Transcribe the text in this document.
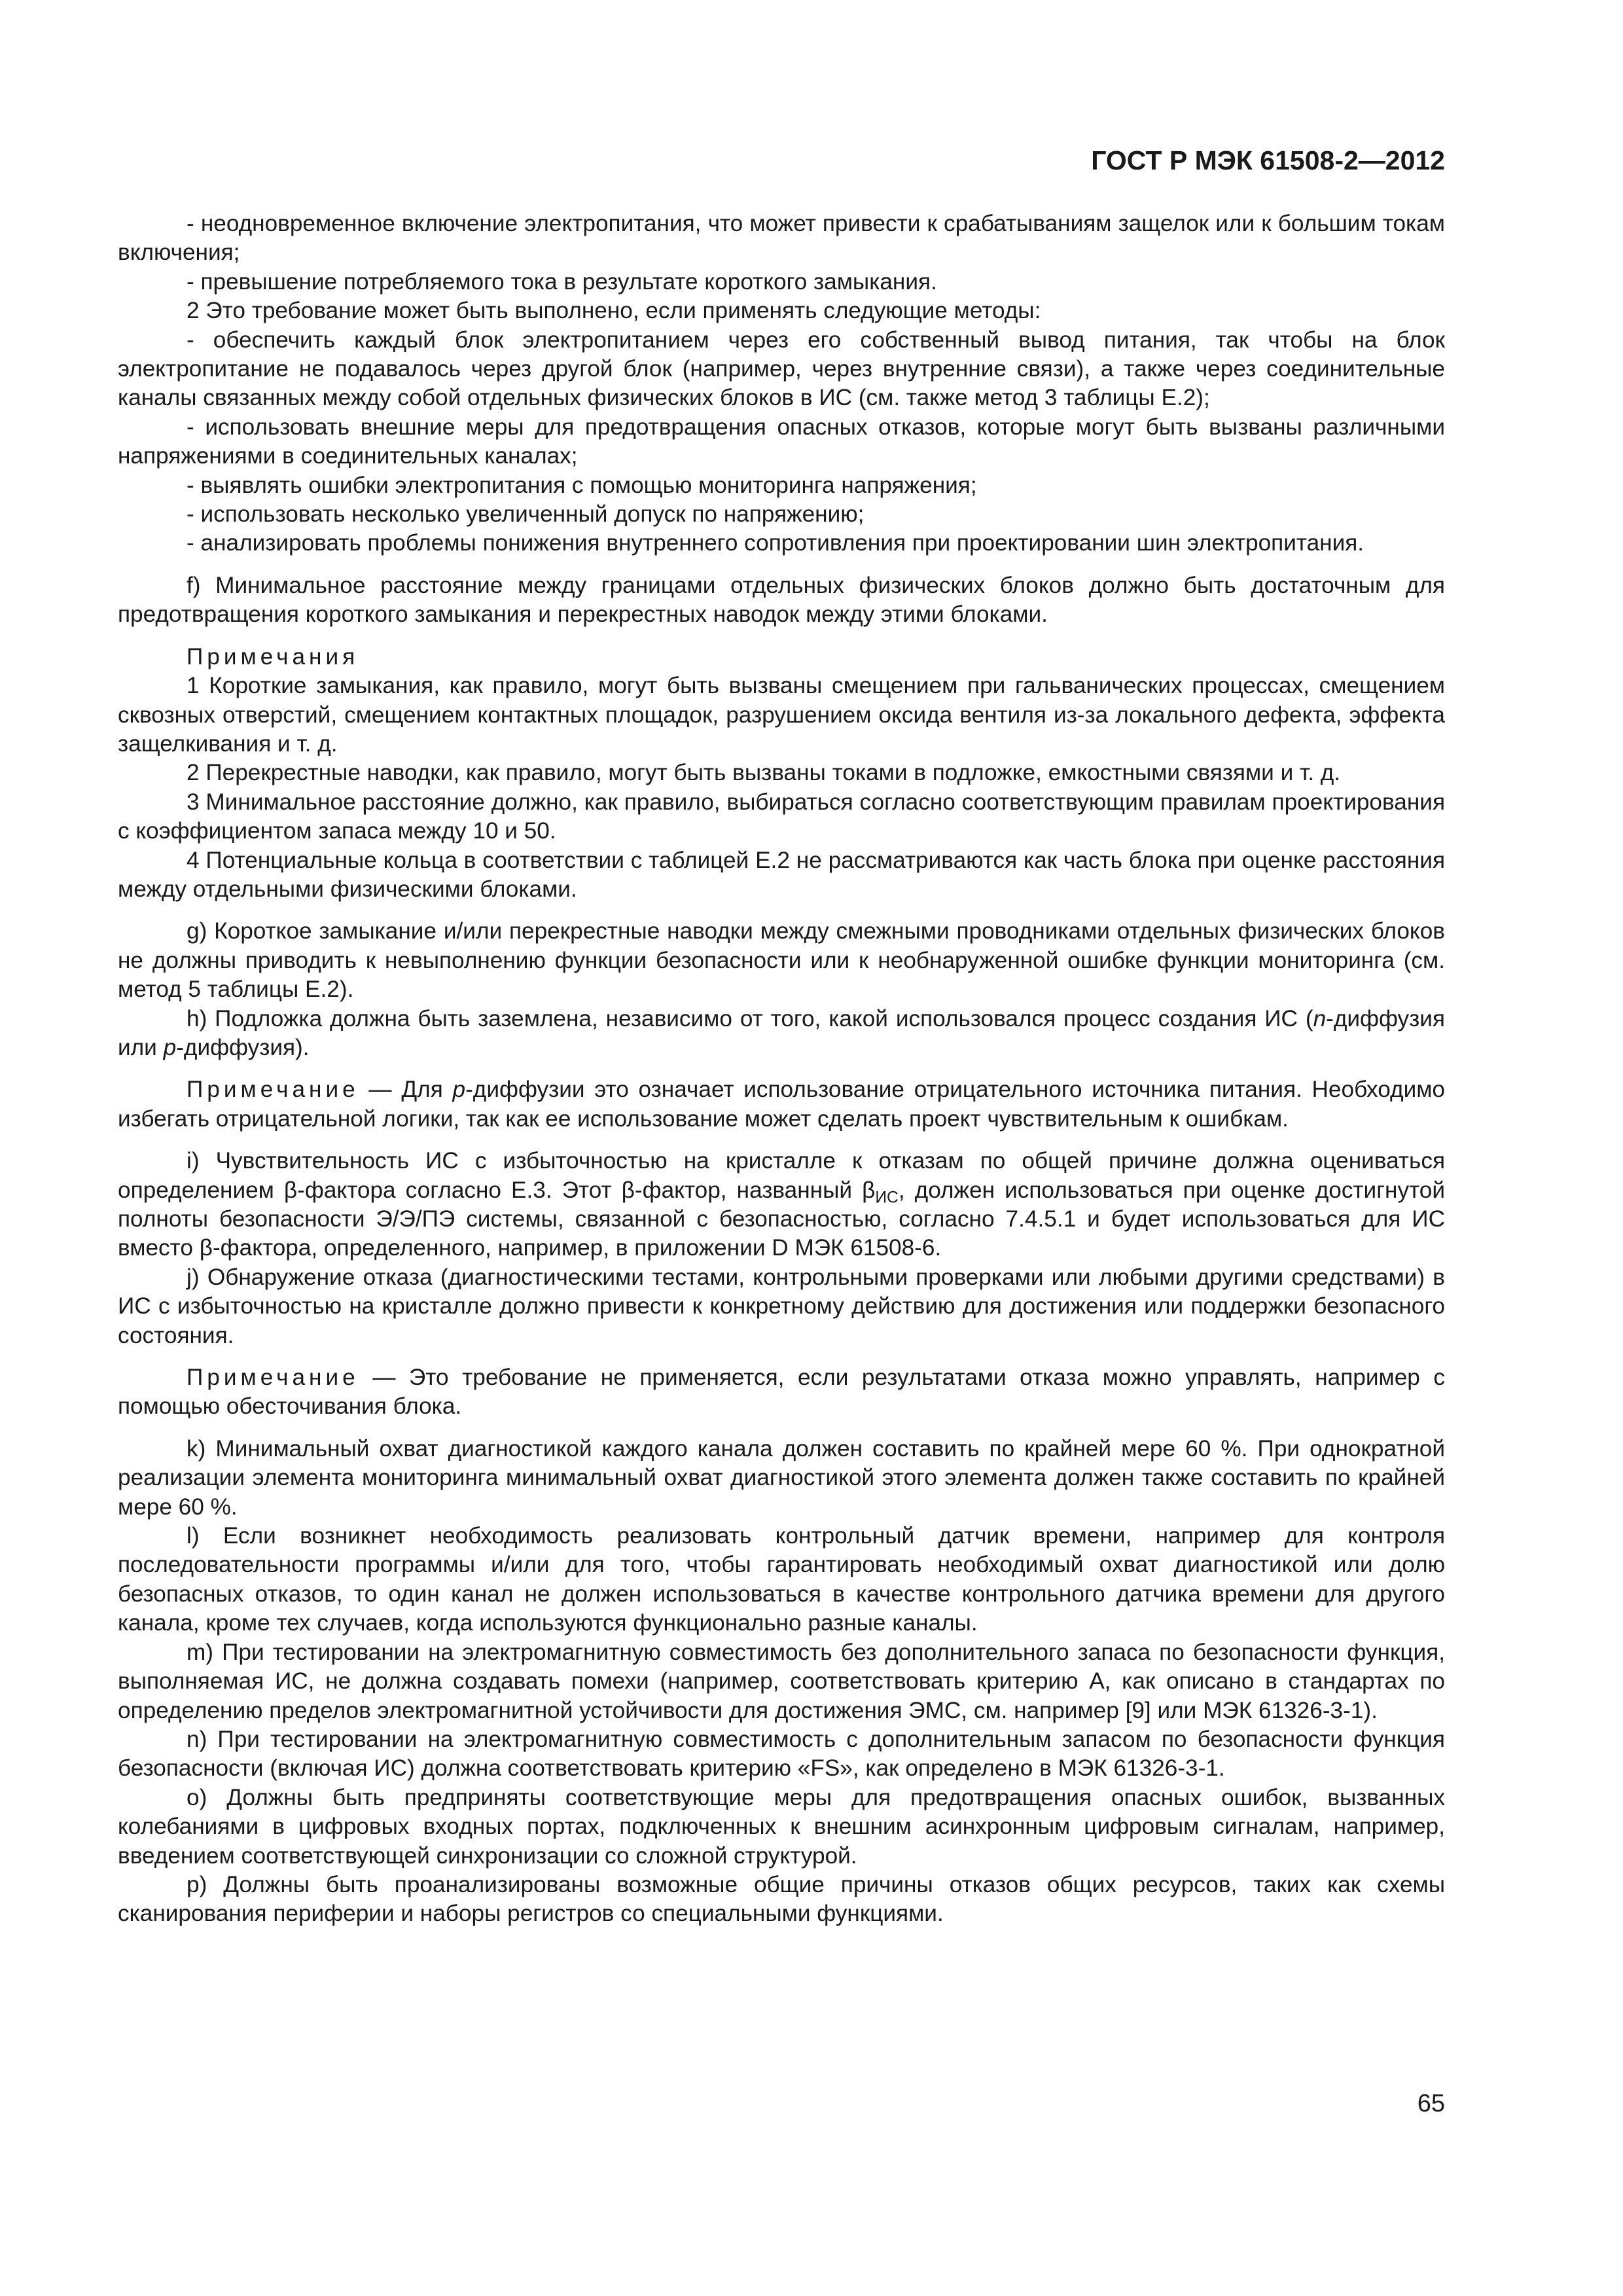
ГОСТ Р МЭК 61508-2—2012

- неодновременное включение электропитания, что может привести к срабатываниям защелок или к большим токам включения;

- превышение потребляемого тока в результате короткого замыкания.

2 Это требование может быть выполнено, если применять следующие методы:

- обеспечить каждый блок электропитанием через его собственный вывод питания, так чтобы на блок электропитание не подавалось через другой блок (например, через внутренние связи), а также через соединительные каналы связанных между собой отдельных физических блоков в ИС (см. также метод 3 таблицы Е.2);

- использовать внешние меры для предотвращения опасных отказов, которые могут быть вызваны различными напряжениями в соединительных каналах;

- выявлять ошибки электропитания с помощью мониторинга напряжения;

- использовать несколько увеличенный допуск по напряжению;

- анализировать проблемы понижения внутреннего сопротивления при проектировании шин электропитания.

f) Минимальное расстояние между границами отдельных физических блоков должно быть достаточным для предотвращения короткого замыкания и перекрестных наводок между этими блоками.

Примечания

1 Короткие замыкания, как правило, могут быть вызваны смещением при гальванических процессах, смещением сквозных отверстий, смещением контактных площадок, разрушением оксида вентиля из-за локального дефекта, эффекта защелкивания и т. д.

2 Перекрестные наводки, как правило, могут быть вызваны токами в подложке, емкостными связями и т. д.

3 Минимальное расстояние должно, как правило, выбираться согласно соответствующим правилам проектирования с коэффициентом запаса между 10 и 50.

4 Потенциальные кольца в соответствии с таблицей Е.2 не рассматриваются как часть блока при оценке расстояния между отдельными физическими блоками.

g) Короткое замыкание и/или перекрестные наводки между смежными проводниками отдельных физических блоков не должны приводить к невыполнению функции безопасности или к необнаруженной ошибке функции мониторинга (см. метод 5 таблицы Е.2).

h) Подложка должна быть заземлена, независимо от того, какой использовался процесс создания ИС (n-диффузия или p-диффузия).

Примечание — Для p-диффузии это означает использование отрицательного источника питания. Необходимо избегать отрицательной логики, так как ее использование может сделать проект чувствительным к ошибкам.

i) Чувствительность ИС с избыточностью на кристалле к отказам по общей причине должна оцениваться определением β-фактора согласно Е.3. Этот β-фактор, названный $\beta_{ИС}$, должен использоваться при оценке достигнутой полноты безопасности Э/Э/ПЭ системы, связанной с безопасностью, согласно 7.4.5.1 и будет использоваться для ИС вместо β-фактора, определенного, например, в приложении D МЭК 61508-6.

j) Обнаружение отказа (диагностическими тестами, контрольными проверками или любыми другими средствами) в ИС с избыточностью на кристалле должно привести к конкретному действию для достижения или поддержки безопасного состояния.

Примечание — Это требование не применяется, если результатами отказа можно управлять, например с помощью обесточивания блока.

k) Минимальный охват диагностикой каждого канала должен составить по крайней мере 60 %. При однократной реализации элемента мониторинга минимальный охват диагностикой этого элемента должен также составить по крайней мере 60 %.

l) Если возникнет необходимость реализовать контрольный датчик времени, например для контроля последовательности программы и/или для того, чтобы гарантировать необходимый охват диагностикой или долю безопасных отказов, то один канал не должен использоваться в качестве контрольного датчика времени для другого канала, кроме тех случаев, когда используются функционально разные каналы.

m) При тестировании на электромагнитную совместимость без дополнительного запаса по безопасности функция, выполняемая ИС, не должна создавать помехи (например, соответствовать критерию А, как описано в стандартах по определению пределов электромагнитной устойчивости для достижения ЭМС, см. например [9] или МЭК 61326-3-1).

n) При тестировании на электромагнитную совместимость с дополнительным запасом по безопасности функция безопасности (включая ИС) должна соответствовать критерию «FS», как определено в МЭК 61326-3-1.

o) Должны быть предприняты соответствующие меры для предотвращения опасных ошибок, вызванных колебаниями в цифровых входных портах, подключенных к внешним асинхронным цифровым сигналам, например, введением соответствующей синхронизации со сложной структурой.

p) Должны быть проанализированы возможные общие причины отказов общих ресурсов, таких как схемы сканирования периферии и наборы регистров со специальными функциями.

65
